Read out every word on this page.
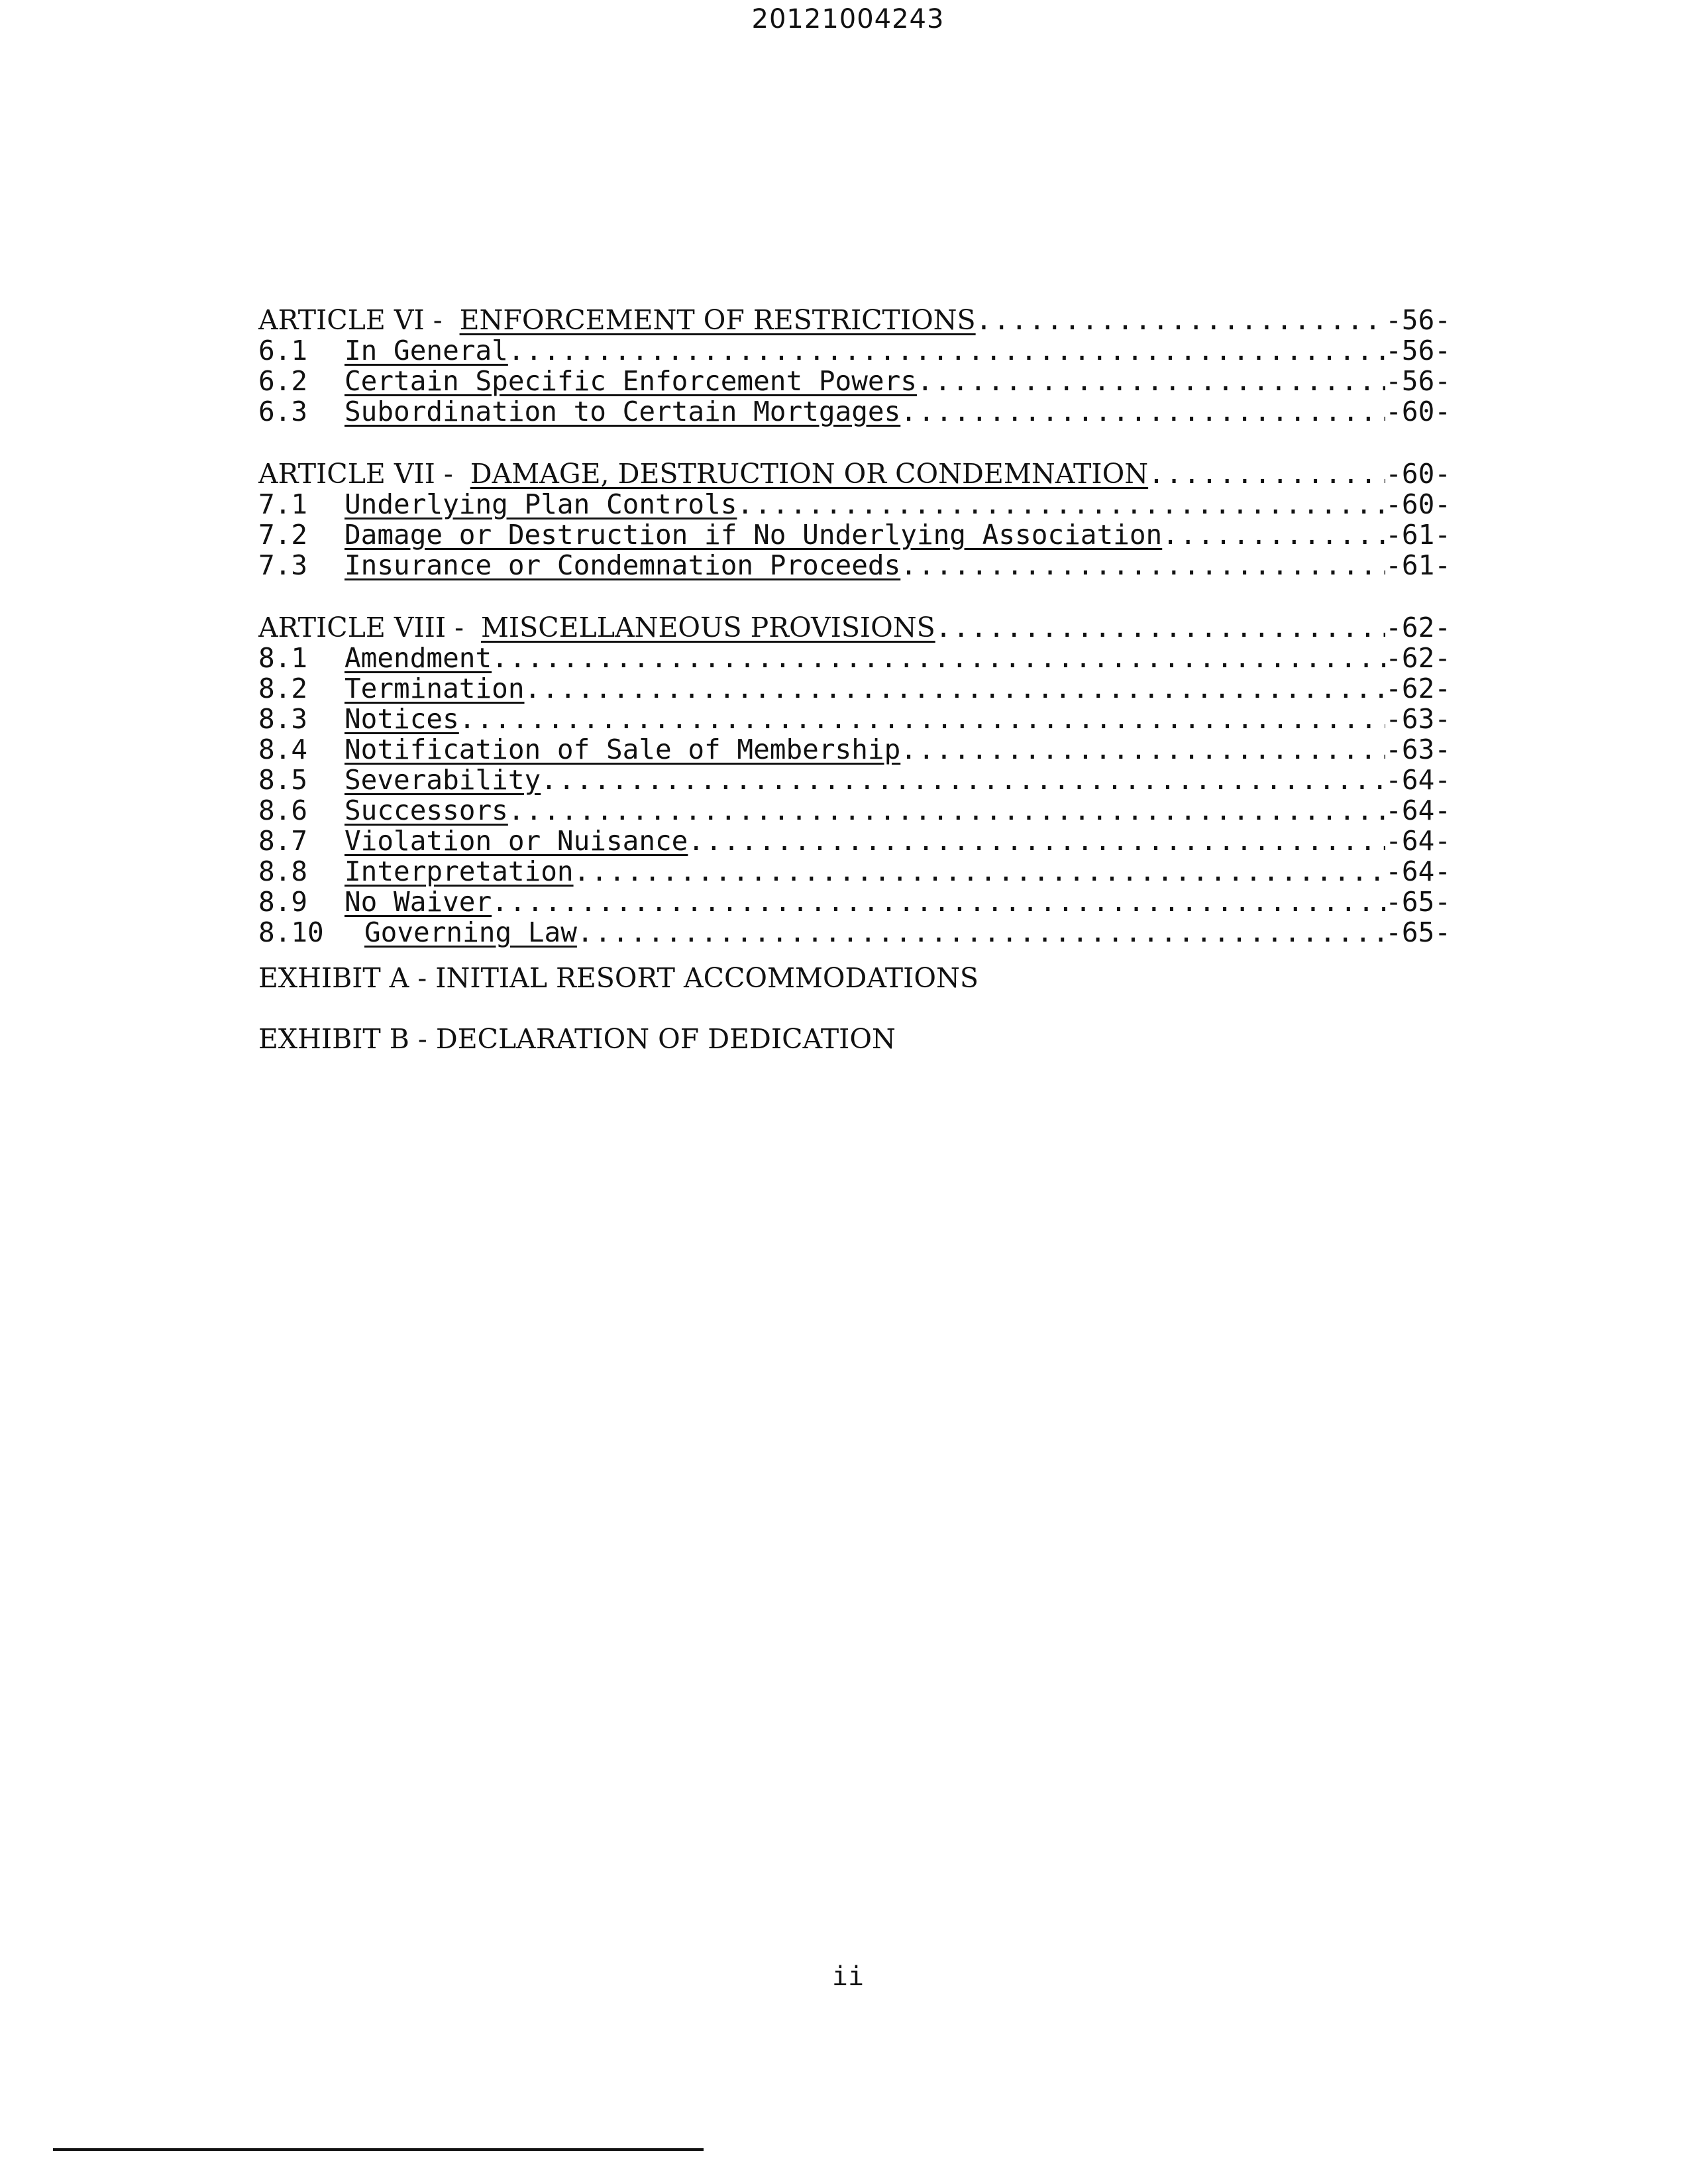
20121004243
ARTICLE VI - ENFORCEMENT OF RESTRICTIONS .....	-56-
6.1	In General .....	-56-
6.2	Certain Specific Enforcement Powers .....	-56-
6.3	Subordination to Certain Mortgages .....	-60-
ARTICLE VII - DAMAGE, DESTRUCTION OR CONDEMNATION .....	-60-
7.1	Underlying Plan Controls .....	-60-
7.2	Damage or Destruction if No Underlying Association .....	-61-
7.3	Insurance or Condemnation Proceeds .....	-61-
ARTICLE VIII - MISCELLANEOUS PROVISIONS .....	-62-
8.1	Amendment .....	-62-
8.2	Termination .....	-62-
8.3	Notices .....	-63-
8.4	Notification of Sale of Membership .....	-63-
8.5	Severability .....	-64-
8.6	Successors .....	-64-
8.7	Violation or Nuisance .....	-64-
8.8	Interpretation .....	-64-
8.9	No Waiver .....	-65-
8.10	Governing Law .....	-65-
EXHIBIT A - INITIAL RESORT ACCOMMODATIONS
EXHIBIT B - DECLARATION OF DEDICATION
ii
